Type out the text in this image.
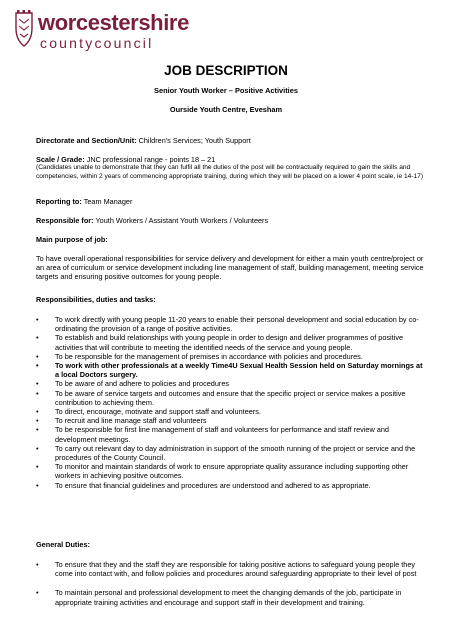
worcestershire
countycouncil
JOB DESCRIPTION
Senior Youth Worker – Positive Activities
Ourside Youth Centre, Evesham
Directorate and Section/Unit: Children's Services; Youth Support
Scale / Grade: JNC professional range - points 18 – 21
(Candidates unable to demonstrate that they can fulfil all the duties of the post will be contractually required to gain the skills and competencies, within 2 years of commencing appropriate training, during which they will be placed on a lower 4 point scale, ie 14-17)
Reporting to: Team Manager
Responsible for: Youth Workers / Assistant Youth Workers / Volunteers
Main purpose of job:
To have overall operational responsibilities for service delivery and development for either a main youth centre/project or an area of curriculum or service development including line management of staff, building management, meeting service targets and ensuring positive outcomes for young people.
Responsibilities, duties and tasks:
• To work directly with young people 11-20 years to enable their personal development and social education by co-ordinating the provision of a range of positive activities.
• To establish and build relationships with young people in order to design and deliver programmes of positive activities that will contribute to meeting the identified needs of the service and young people.
• To be responsible for the management of premises in accordance with policies and procedures.
• To work with other professionals at a weekly Time4U Sexual Health Session held on Saturday mornings at a local Doctors surgery.
• To be aware of and adhere to policies and procedures
• To be aware of service targets and outcomes and ensure that the specific project or service makes a positive contribution to achieving them.
• To direct, encourage, motivate and support staff and volunteers.
• To recruit and line manage staff and volunteers
• To be responsible for first line management of staff and volunteers for performance and staff review and development meetings.
• To carry out relevant day to day administration in support of the smooth running of the project or service and the procedures of the County Council.
• To monitor and maintain standards of work to ensure appropriate quality assurance including supporting other workers in achieving positive outcomes.
• To ensure that financial guidelines and procedures are understood and adhered to as appropriate.
General Duties:
• To ensure that they and the staff they are responsible for taking positive actions to safeguard young people they come into contact with, and follow policies and procedures around safeguarding appropriate to their level of post
• To maintain personal and professional development to meet the changing demands of the job, participate in appropriate training activities and encourage and support staff in their development and training.
